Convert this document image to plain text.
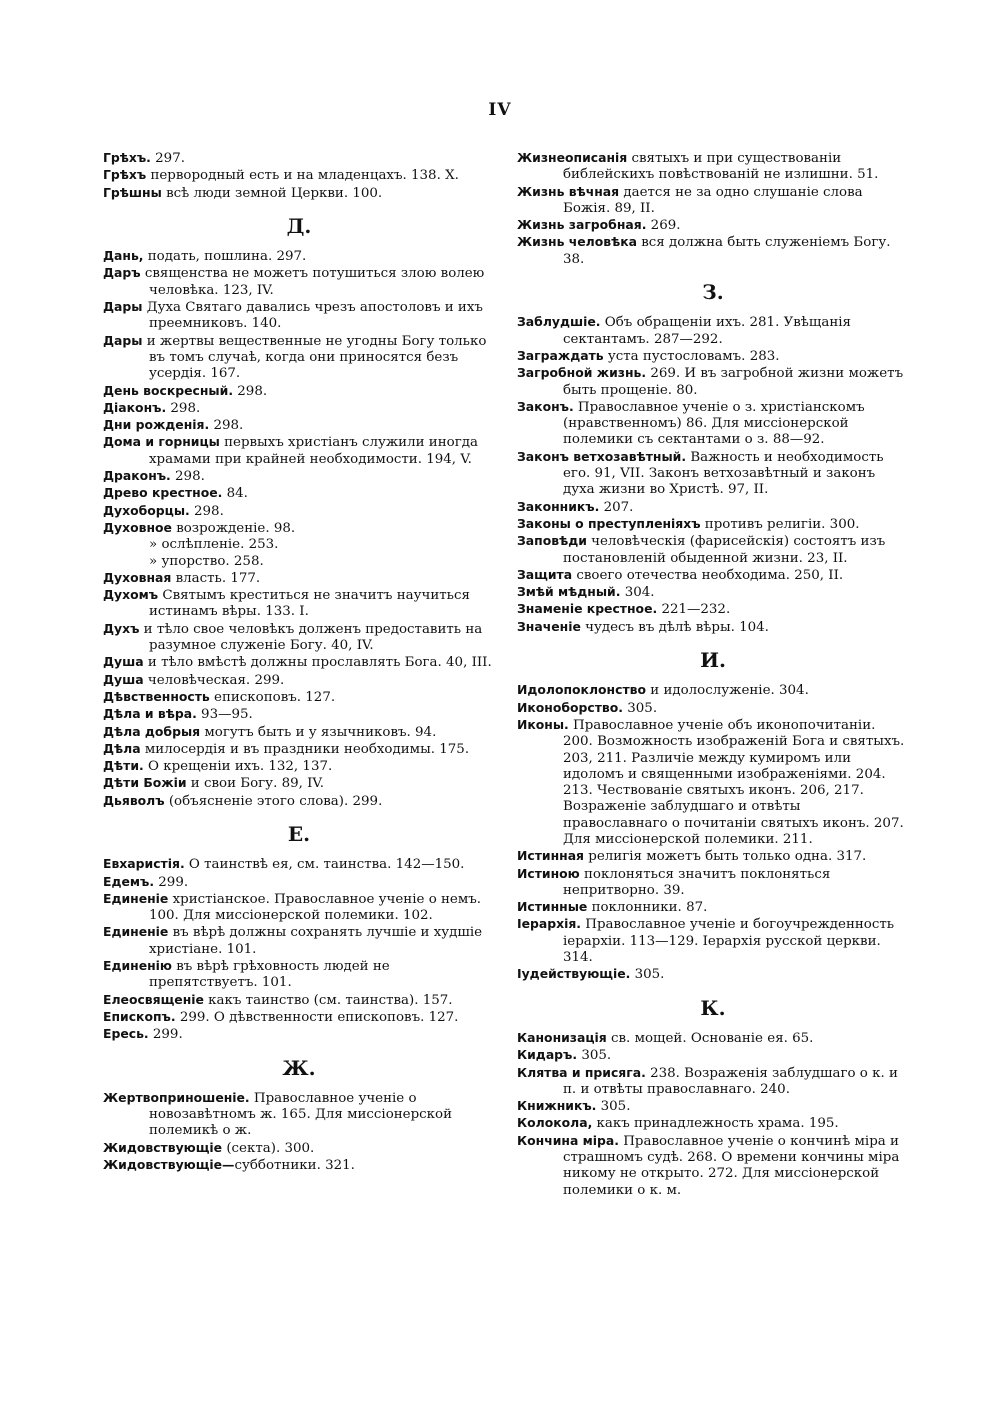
IV

Грѣхъ. 297.

Грѣхъ первородный есть и на младенцахъ. 138. X.

Грѣшны всѣ люди земной Церкви. 100.

Д.

Дань, подать, пошлина. 297.

Даръ священства не можетъ потушиться злою волею человѣка. 123, IV.

Дары Духа Святаго давались чрезъ апостоловъ и ихъ преемниковъ. 140.

Дары и жертвы вещественные не угодны Богу только въ томъ случаѣ, когда они приносятся безъ усердія. 167.

День воскресный. 298.

Діаконъ. 298.

Дни рожденія. 298.

Дома и горницы первыхъ христіанъ служили иногда храмами при крайней необходимости. 194, V.

Драконъ. 298.

Древо крестное. 84.

Духоборцы. 298.

Духовное возрожденіе. 98.

» ослѣпленіе. 253.

» упорство. 258.

Духовная власть. 177.

Духомъ Святымъ креститься не значитъ научиться истинамъ вѣры. 133. I.

Духъ и тѣло свое человѣкъ долженъ предоставить на разумное служеніе Богу. 40, IV.

Душа и тѣло вмѣстѣ должны прославлять Бога. 40, III.

Душа человѣческая. 299.

Дѣвственность епископовъ. 127.

Дѣла и вѣра. 93—95.

Дѣла добрыя могутъ быть и у язычниковъ. 94.

Дѣла милосердія и въ праздники необходимы. 175.

Дѣти. О крещеніи ихъ. 132, 137.

Дѣти Божіи и свои Богу. 89, IV.

Дьяволъ (объясненіе этого слова). 299.

Е.

Евхаристія. О таинствѣ ея, см. таинства. 142—150.

Едемъ. 299.

Единеніе христіанское. Православное ученіе о немъ. 100. Для миссіонерской полемики. 102.

Единеніе въ вѣрѣ должны сохранять лучшіе и худшіе христіане. 101.

Единенію въ вѣрѣ грѣховность людей не препятствуетъ. 101.

Елеосвященіе какъ таинство (см. таинства). 157.

Епископъ. 299. О дѣвственности епископовъ. 127.

Ересь. 299.

Ж.

Жертвоприношеніе. Православное ученіе о новозавѣтномъ ж. 165. Для миссіонерской полемикѣ о ж.

Жидовствующіе (секта). 300.

Жидовствующіе—субботники. 321.

Жизнеописанія святыхъ и при существованіи библейскихъ повѣствованій не излишни. 51.

Жизнь вѣчная дается не за одно слушаніе слова Божія. 89, II.

Жизнь загробная. 269.

Жизнь человѣка вся должна быть служеніемъ Богу. 38.

З.

Заблудшіе. Объ обращеніи ихъ. 281. Увѣщанія сектантамъ. 287—292.

Заграждать уста пустословамъ. 283.

Загробной жизнь. 269. И въ загробной жизни можетъ быть прощеніе. 80.

Законъ. Православное ученіе о з. христіанскомъ (нравственномъ) 86. Для миссіонерской полемики съ сектантами о з. 88—92.

Законъ ветхозавѣтный. Важность и необходимость его. 91, VII. Законъ ветхозавѣтный и законъ духа жизни во Христѣ. 97, II.

Законникъ. 207.

Законы о преступленіяхъ противъ религіи. 300.

Заповѣди человѣческія (фарисейскія) состоятъ изъ постановленій обыденной жизни. 23, II.

Защита своего отечества необходима. 250, II.

Змѣй мѣдный. 304.

Знаменіе крестное. 221—232.

Значеніе чудесъ въ дѣлѣ вѣры. 104.

И.

Идолопоклонство и идолослуженіе. 304.

Иконоборство. 305.

Иконы. Православное ученіе объ иконопочитаніи. 200. Возможность изображеній Бога и святыхъ. 203, 211. Различіе между кумиромъ или идоломъ и священными изображеніями. 204. 213. Чествованіе святыхъ иконъ. 206, 217. Возраженіе заблудшаго и отвѣты православнаго о почитаніи святыхъ иконъ. 207. Для миссіонерской полемики. 211.

Истинная религія можетъ быть только одна. 317.

Истиною поклоняться значитъ поклоняться непритворно. 39.

Истинные поклонники. 87.

Іерархія. Православное ученіе и богоучрежденность іерархіи. 113—129. Іерархія русской церкви. 314.

Іудействующіе. 305.

К.

Канонизація св. мощей. Основаніе ея. 65.

Кидаръ. 305.

Клятва и присяга. 238. Возраженія заблудшаго о к. и п. и отвѣты православнаго. 240.

Книжникъ. 305.

Колокола, какъ принадлежность храма. 195.

Кончина міра. Православное ученіе о кончинѣ міра и страшномъ судѣ. 268. О времени кончины міра никому не открыто. 272. Для миссіонерской полемики о к. м.
